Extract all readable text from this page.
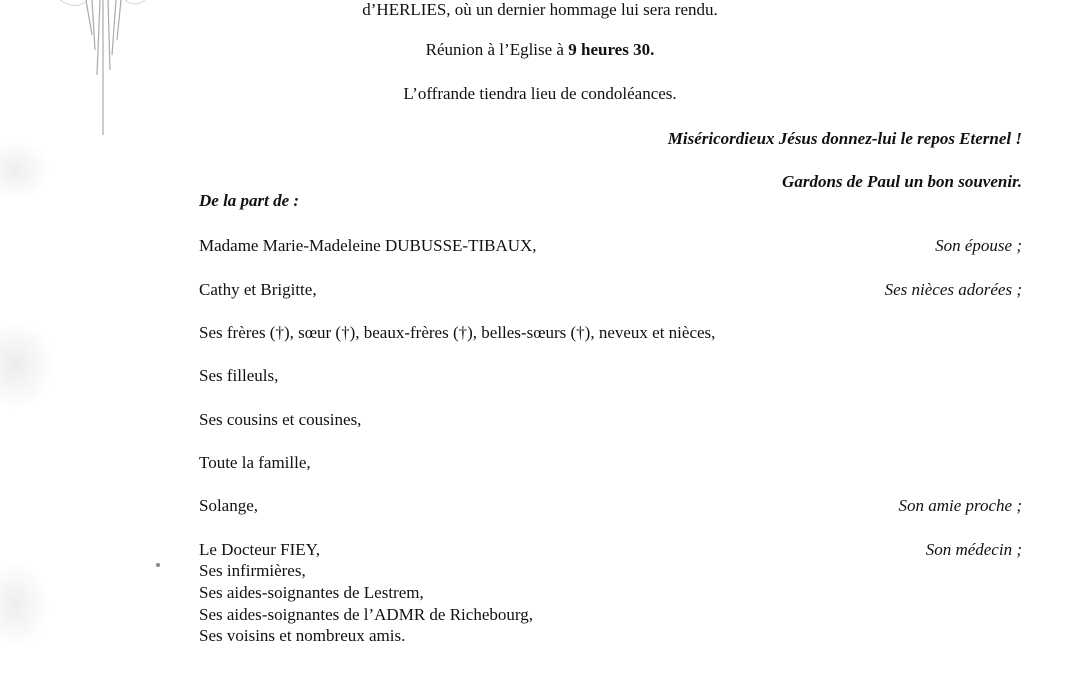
d’HERLIES, où un dernier hommage lui sera rendu.
Réunion à l’Eglise à 9 heures 30.
L’offrande tiendra lieu de condoléances.
Miséricordieux Jésus donnez-lui le repos Eternel !
Gardons de Paul un bon souvenir.
De la part de :
Madame Marie-Madeleine DUBUSSE-TIBAUX,	Son épouse ;
Cathy et Brigitte,	Ses nièces adorées ;
Ses frères (†), sœur (†), beaux-frères (†), belles-sœurs (†), neveux et nièces,
Ses filleuls,
Ses cousins et cousines,
Toute la famille,
Solange,	Son amie proche ;
Le Docteur FIEY,	Son médecin ;
Ses infirmières,
Ses aides-soignantes de Lestrem,
Ses aides-soignantes de l’ADMR de Richebourg,
Ses voisins et nombreux amis.
